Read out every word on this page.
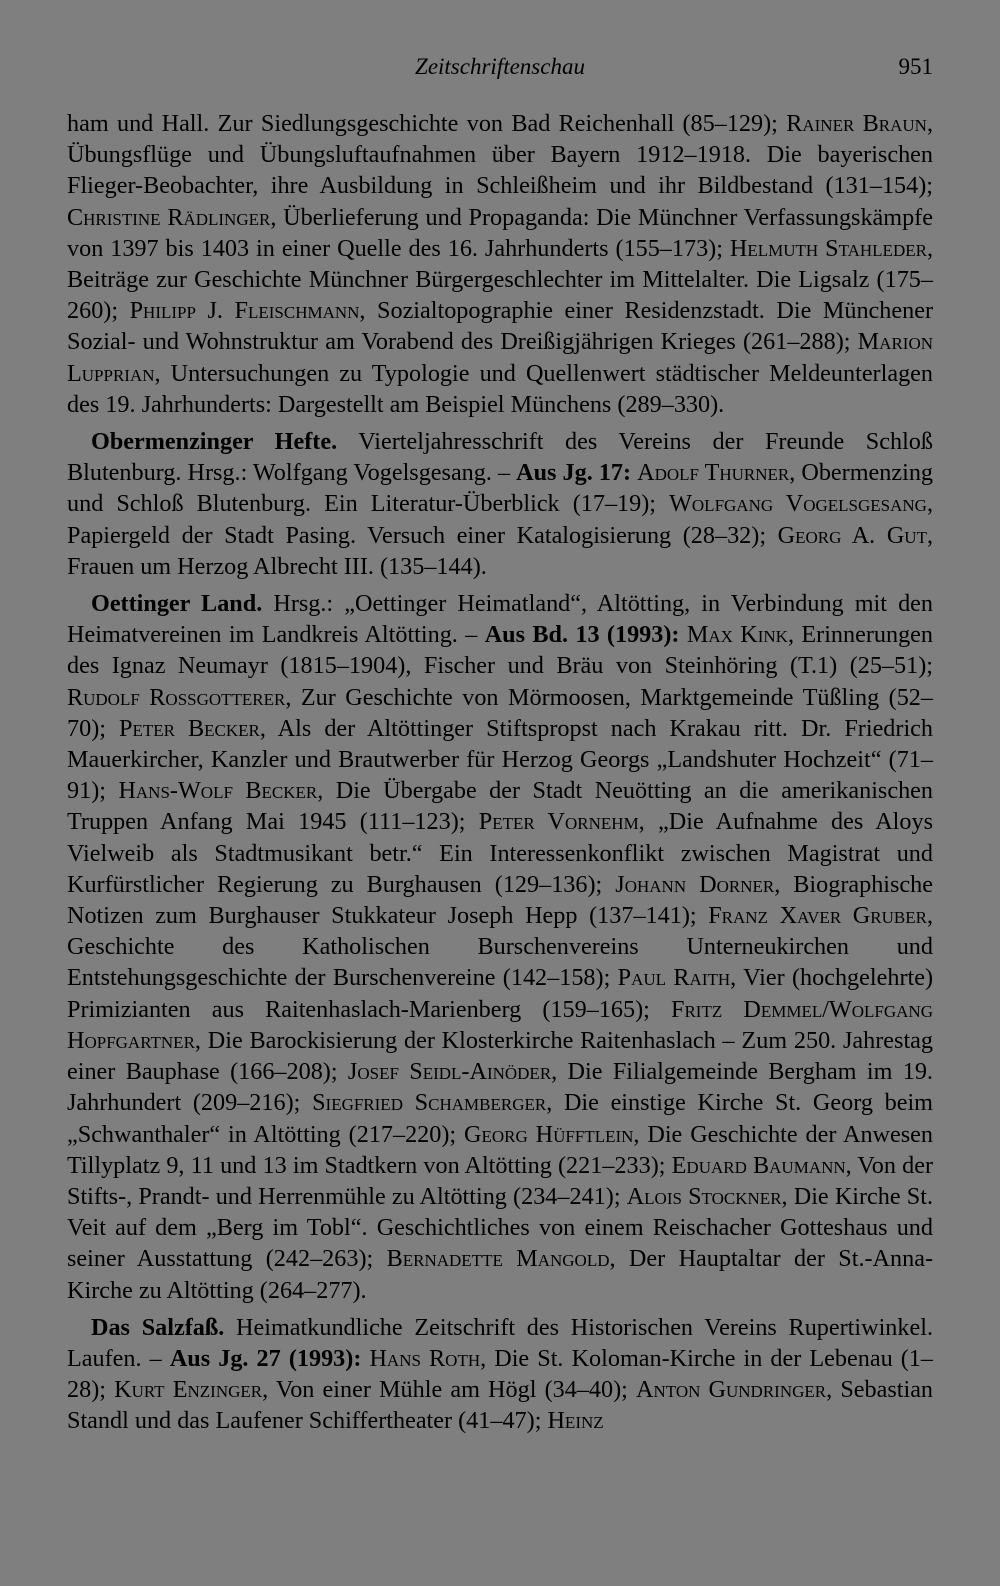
Zeitschriftenschau	951

ham und Hall. Zur Siedlungsgeschichte von Bad Reichenhall (85–129); Rainer Braun, Übungsflüge und Übungsluftaufnahmen über Bayern 1912–1918. Die bayerischen Flieger-Beobachter, ihre Ausbildung in Schleißheim und ihr Bildbestand (131–154); Christine Rädlinger, Überlieferung und Propaganda: Die Münchner Verfassungskämpfe von 1397 bis 1403 in einer Quelle des 16. Jahrhunderts (155–173); Helmuth Stahleder, Beiträge zur Geschichte Münchner Bürgergeschlechter im Mittelalter. Die Ligsalz (175–260); Philipp J. Fleischmann, Sozialtopographie einer Residenzstadt. Die Münchener Sozial- und Wohnstruktur am Vorabend des Dreißigjährigen Krieges (261–288); Marion Lupprian, Untersuchungen zu Typologie und Quellenwert städtischer Meldeunterlagen des 19. Jahrhunderts: Dargestellt am Beispiel Münchens (289–330).

Obermenzinger Hefte. Vierteljahresschrift des Vereins der Freunde Schloß Blutenburg. Hrsg.: Wolfgang Vogelsgesang. – Aus Jg. 17: Adolf Thurner, Obermenzing und Schloß Blutenburg. Ein Literatur-Überblick (17–19); Wolfgang Vogelsgesang, Papiergeld der Stadt Pasing. Versuch einer Katalogisierung (28–32); Georg A. Gut, Frauen um Herzog Albrecht III. (135–144).

Oettinger Land. Hrsg.: „Oettinger Heimatland“, Altötting, in Verbindung mit den Heimatvereinen im Landkreis Altötting. – Aus Bd. 13 (1993): Max Kink, Erinnerungen des Ignaz Neumayr (1815–1904), Fischer und Bräu von Steinhöring (T.1) (25–51); Rudolf Rossgotterer, Zur Geschichte von Mörmoosen, Marktgemeinde Tüßling (52–70); Peter Becker, Als der Altöttinger Stiftspropst nach Krakau ritt. Dr. Friedrich Mauerkircher, Kanzler und Brautwerber für Herzog Georgs „Landshuter Hochzeit“ (71–91); Hans-Wolf Becker, Die Übergabe der Stadt Neuötting an die amerikanischen Truppen Anfang Mai 1945 (111–123); Peter Vornehm, „Die Aufnahme des Aloys Vielweib als Stadtmusikant betr.“ Ein Interessenkonflikt zwischen Magistrat und Kurfürstlicher Regierung zu Burghausen (129–136); Johann Dorner, Biographische Notizen zum Burghauser Stukkateur Joseph Hepp (137–141); Franz Xaver Gruber, Geschichte des Katholischen Burschenvereins Unterneukirchen und Entstehungsgeschichte der Burschenvereine (142–158); Paul Raith, Vier (hochgelehrte) Primizianten aus Raitenhaslach-Marienberg (159–165); Fritz Demmel/Wolfgang Hopfgartner, Die Barockisierung der Klosterkirche Raitenhaslach – Zum 250. Jahrestag einer Bauphase (166–208); Josef Seidl-Ainöder, Die Filialgemeinde Bergham im 19. Jahrhundert (209–216); Siegfried Schamberger, Die einstige Kirche St. Georg beim „Schwanthaler“ in Altötting (217–220); Georg Hüfftlein, Die Geschichte der Anwesen Tillyplatz 9, 11 und 13 im Stadtkern von Altötting (221–233); Eduard Baumann, Von der Stifts-, Prandt- und Herrenmühle zu Altötting (234–241); Alois Stockner, Die Kirche St. Veit auf dem „Berg im Tobl“. Geschichtliches von einem Reischacher Gotteshaus und seiner Ausstattung (242–263); Bernadette Mangold, Der Hauptaltar der St.-Anna-Kirche zu Altötting (264–277).

Das Salzfaß. Heimatkundliche Zeitschrift des Historischen Vereins Rupertiwinkel. Laufen. – Aus Jg. 27 (1993): Hans Roth, Die St. Koloman-Kirche in der Lebenau (1–28); Kurt Enzinger, Von einer Mühle am Högl (34–40); Anton Gundringer, Sebastian Standl und das Laufener Schiffertheater (41–47); Heinz
